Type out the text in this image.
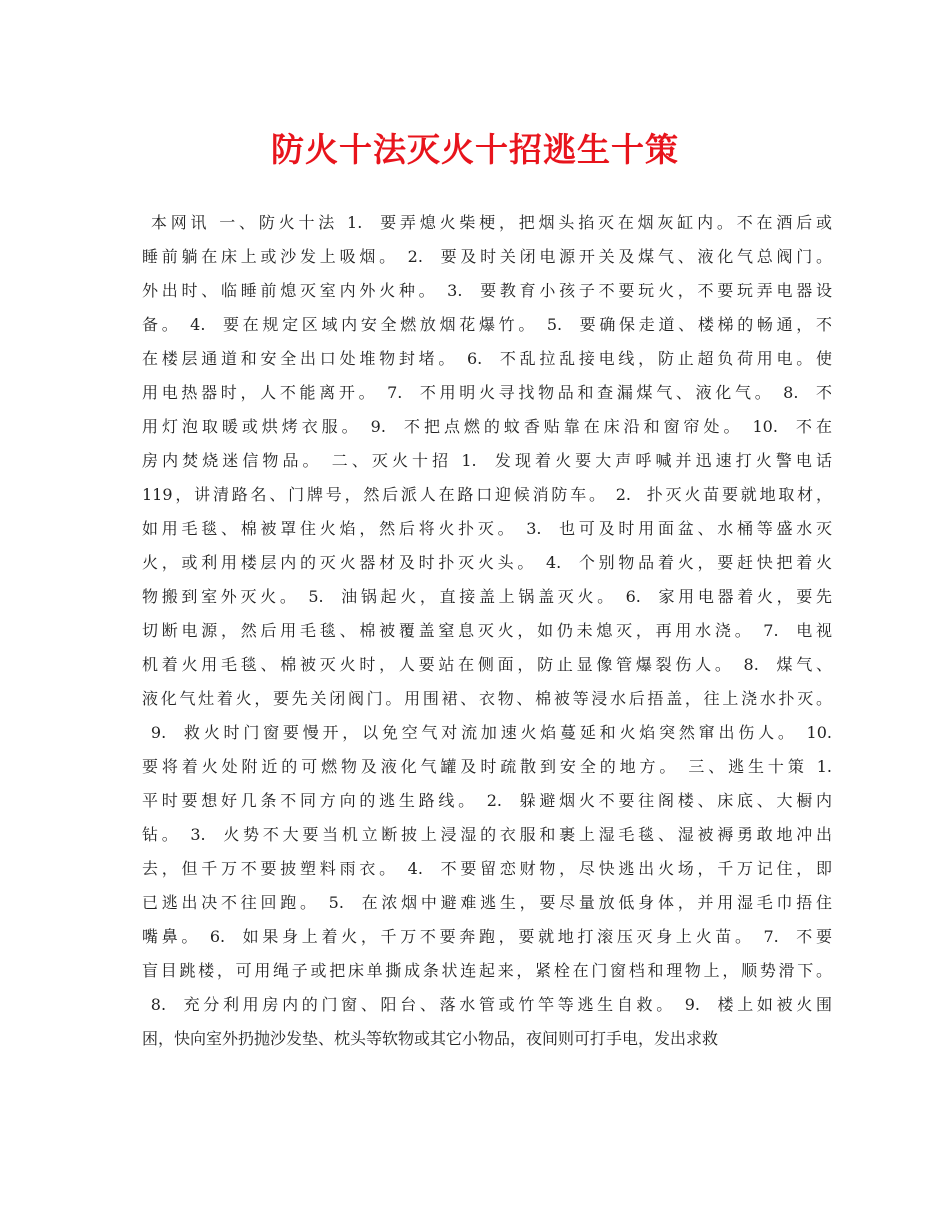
防火十法灭火十招逃生十策
本网讯 一、防火十法 1.  要弄熄火柴梗，把烟头掐灭在烟灰缸内。不在酒后或
睡前躺在床上或沙发上吸烟。 2.  要及时关闭电源开关及煤气、液化气总阀门。
外出时、临睡前熄灭室内外火种。 3.  要教育小孩子不要玩火，不要玩弄电器设
备。 4.  要在规定区域内安全燃放烟花爆竹。 5.  要确保走道、楼梯的畅通，不
在楼层通道和安全出口处堆物封堵。 6.  不乱拉乱接电线，防止超负荷用电。使
用电热器时，人不能离开。 7.  不用明火寻找物品和查漏煤气、液化气。 8.  不
用灯泡取暖或烘烤衣服。 9.  不把点燃的蚊香贴靠在床沿和窗帘处。 10.  不在
房内焚烧迷信物品。 二、灭火十招 1.  发现着火要大声呼喊并迅速打火警电话
119，讲清路名、门牌号，然后派人在路口迎候消防车。 2.  扑灭火苗要就地取材，
如用毛毯、棉被罩住火焰，然后将火扑灭。 3.  也可及时用面盆、水桶等盛水灭
火，或利用楼层内的灭火器材及时扑灭火头。 4.  个别物品着火，要赶快把着火
物搬到室外灭火。 5.  油锅起火，直接盖上锅盖灭火。 6.  家用电器着火，要先
切断电源，然后用毛毯、棉被覆盖窒息灭火，如仍未熄灭，再用水浇。 7.  电视
机着火用毛毯、棉被灭火时，人要站在侧面，防止显像管爆裂伤人。 8.  煤气、
液化气灶着火，要先关闭阀门。用围裙、衣物、棉被等浸水后捂盖，往上浇水扑灭。
9.  救火时门窗要慢开，以免空气对流加速火焰蔓延和火焰突然窜出伤人。 10.
要将着火处附近的可燃物及液化气罐及时疏散到安全的地方。 三、逃生十策 1.
平时要想好几条不同方向的逃生路线。 2.  躲避烟火不要往阁楼、床底、大橱内
钻。 3.  火势不大要当机立断披上浸湿的衣服和裹上湿毛毯、湿被褥勇敢地冲出
去，但千万不要披塑料雨衣。 4.  不要留恋财物，尽快逃出火场，千万记住，即
已逃出决不往回跑。 5.  在浓烟中避难逃生，要尽量放低身体，并用湿毛巾捂住
嘴鼻。 6.  如果身上着火，千万不要奔跑，要就地打滚压灭身上火苗。 7.  不要
盲目跳楼，可用绳子或把床单撕成条状连起来，紧栓在门窗档和理物上，顺势滑下。
8.  充分利用房内的门窗、阳台、落水管或竹竿等逃生自救。 9.  楼上如被火围
困，快向室外扔抛沙发垫、枕头等软物或其它小物品，夜间则可打手电，发出求救
